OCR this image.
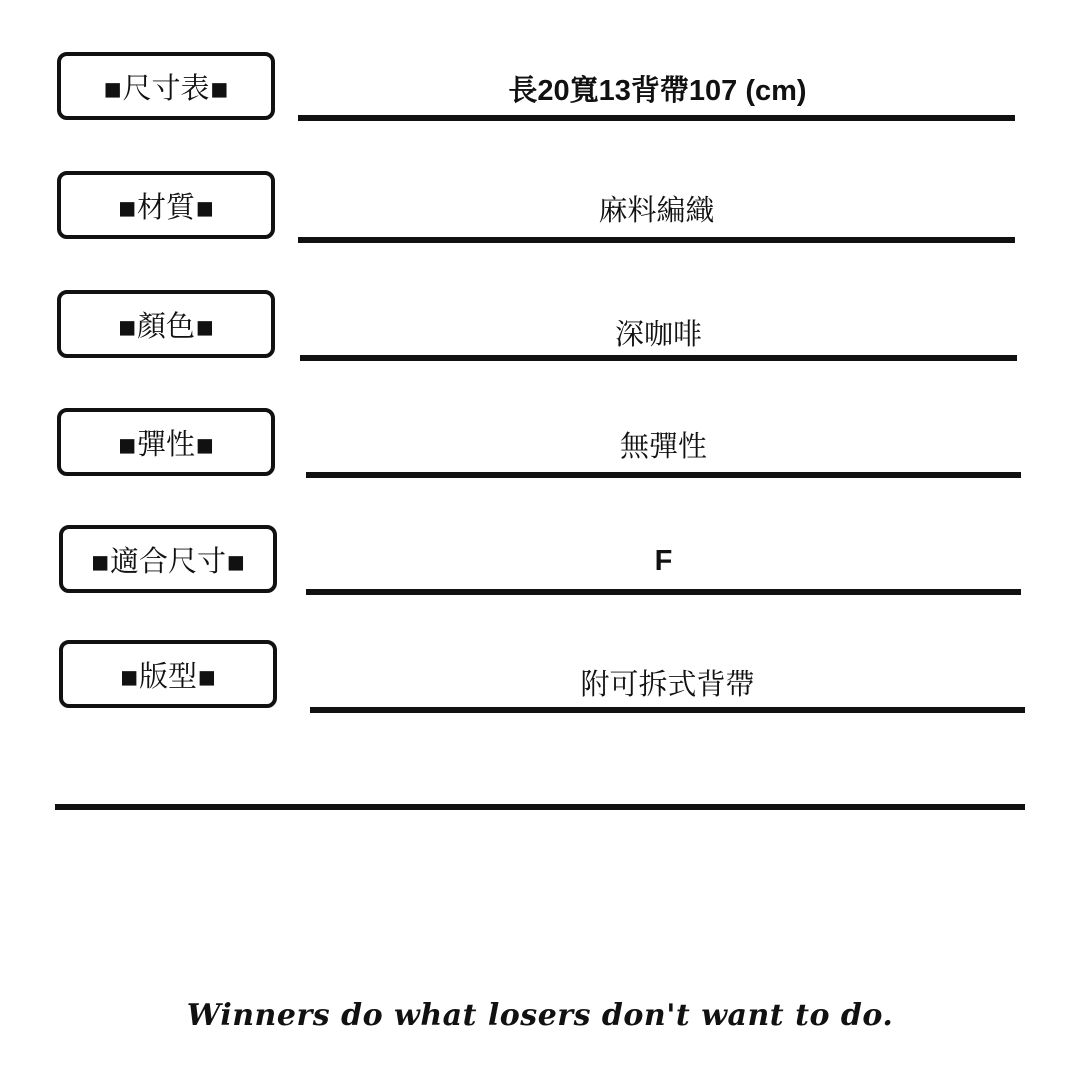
▪尺寸表▪	長20寬13背帶107 (cm)
▪材質▪	麻料編織
▪顏色▪	深咖啡
▪彈性▪	無彈性
▪適合尺寸▪	F
▪版型▪	附可拆式背帶
Winners do what losers don't want to do.
